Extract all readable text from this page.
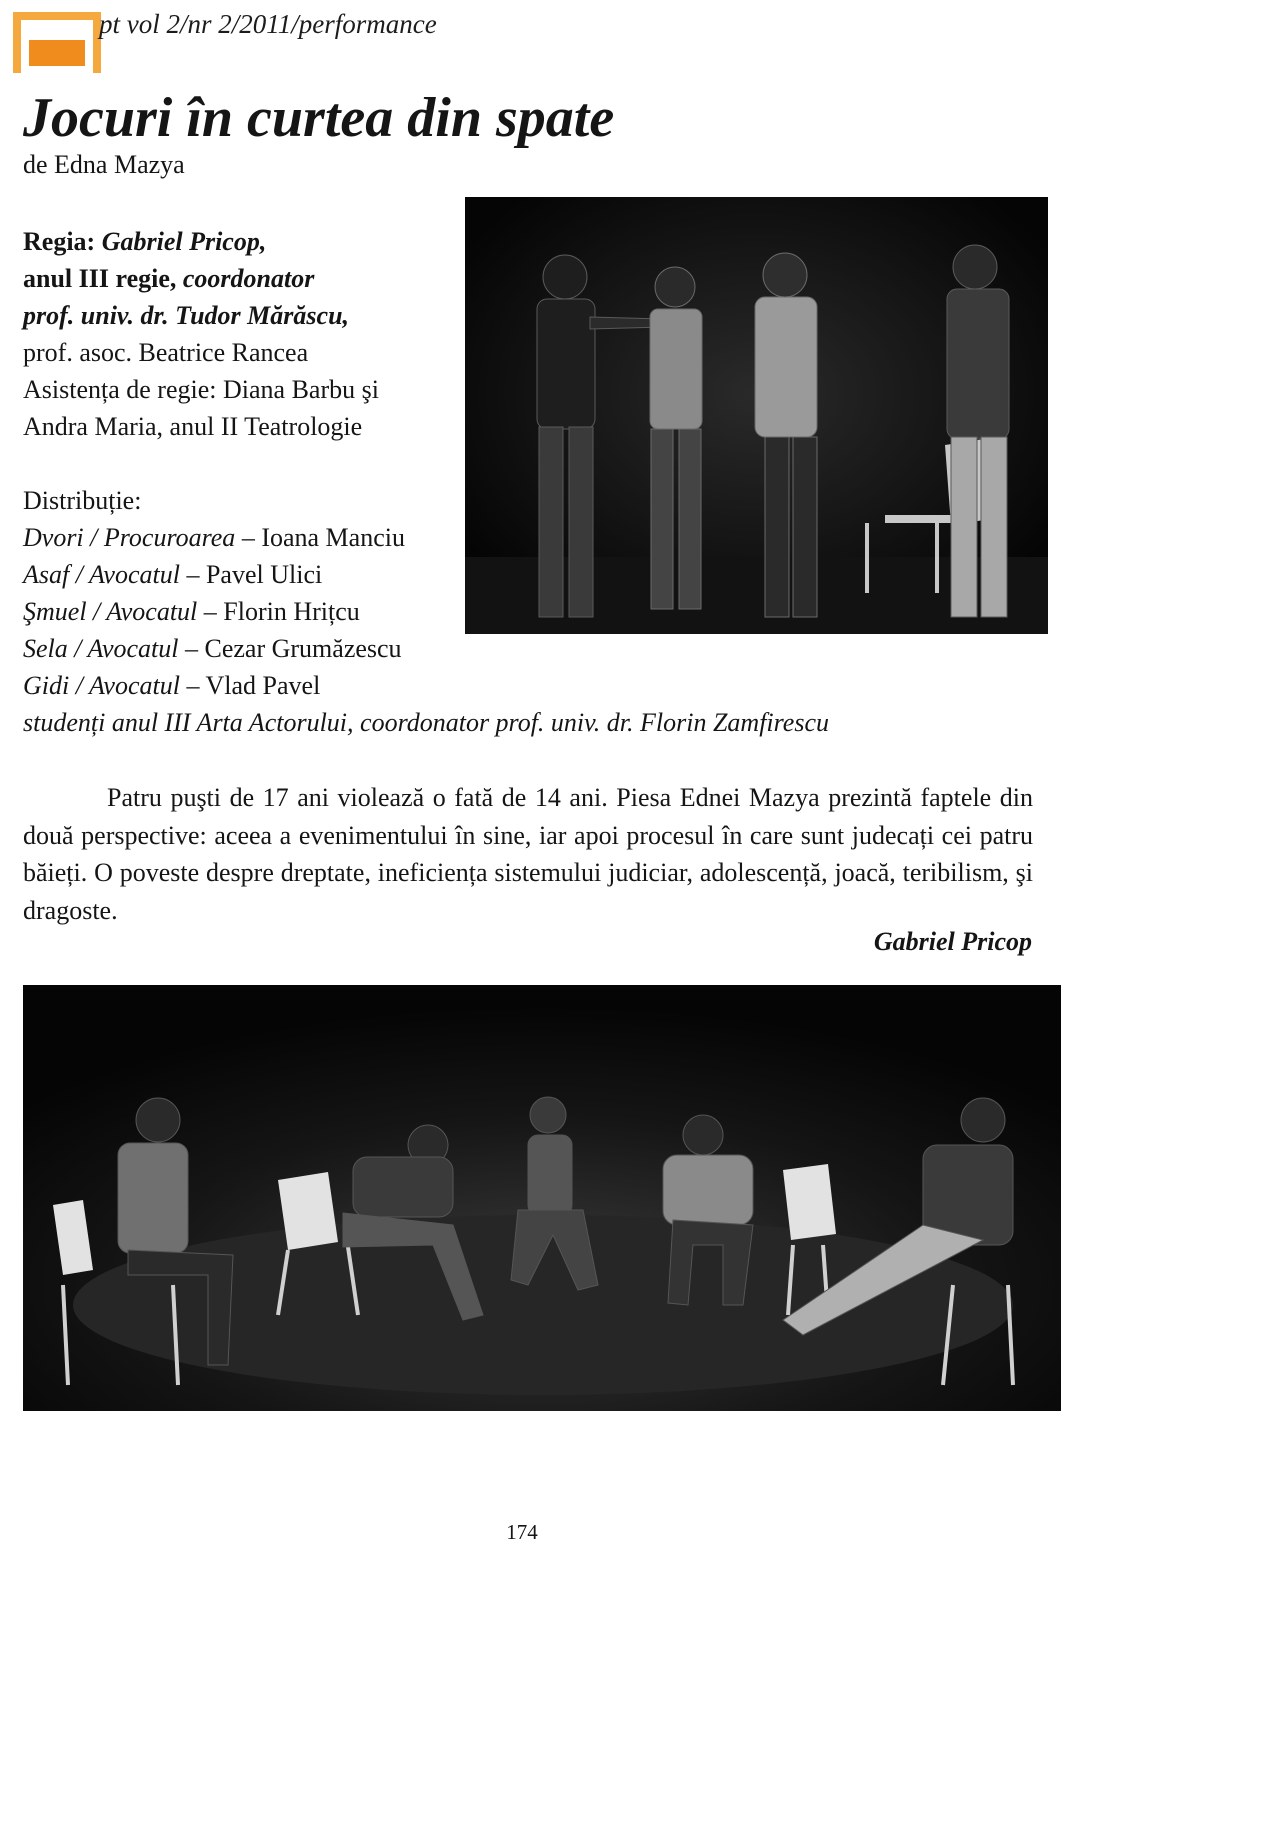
pt vol 2/nr 2/2011/performance
Jocuri în curtea din spate
de Edna Mazya
Regia: Gabriel Pricop,
anul III regie, coordonator
prof. univ. dr. Tudor Mărăscu,
prof. asoc. Beatrice Rancea
Asistența de regie: Diana Barbu şi
Andra Maria, anul II Teatrologie
Distribuție:
Dvori / Procuroarea – Ioana Manciu
Asaf / Avocatul – Pavel Ulici
Şmuel / Avocatul – Florin Hrițcu
Sela / Avocatul – Cezar Grumăzescu
Gidi / Avocatul – Vlad Pavel
studenți anul III Arta Actorului, coordonator prof. univ. dr. Florin Zamfirescu

Patru puşti de 17 ani violează o fată de 14 ani. Piesa Ednei Mazya prezintă faptele din două perspective: aceea a evenimentului în sine, iar apoi procesul în care sunt judecați cei patru băieți. O poveste despre dreptate, ineficiența sistemului judiciar, adolescență, joacă, teribilism, şi dragoste.

Gabriel Pricop
174
